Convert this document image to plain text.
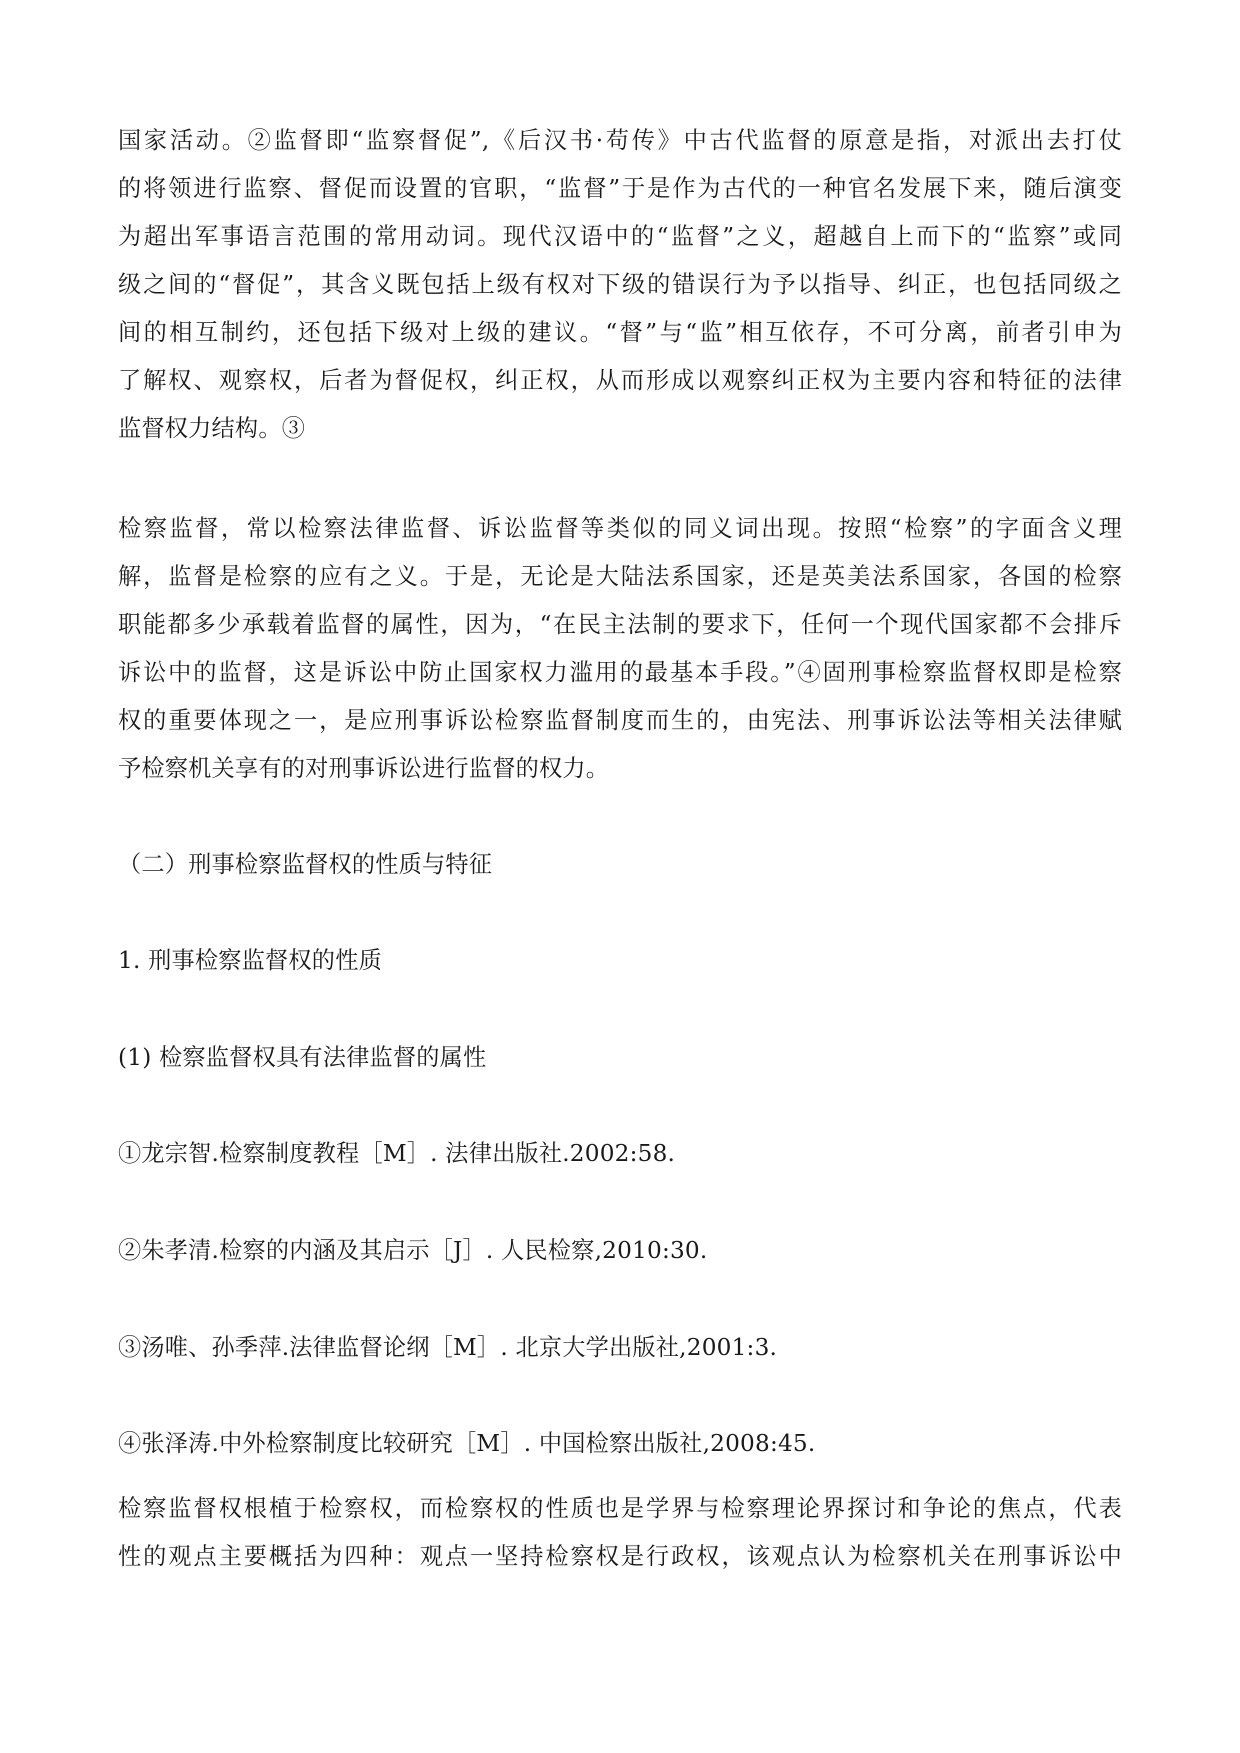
国家活动。②监督即“监察督促”,《后汉书·苟传》中古代监督的原意是指，对派出去打仗
的将领进行监察、督促而设置的官职，“监督”于是作为古代的一种官名发展下来，随后演变
为超出军事语言范围的常用动词。现代汉语中的“监督”之义，超越自上而下的“监察”或同
级之间的“督促”，其含义既包括上级有权对下级的错误行为予以指导、纠正，也包括同级之
间的相互制约，还包括下级对上级的建议。“督”与“监”相互依存，不可分离，前者引申为
了解权、观察权，后者为督促权，纠正权，从而形成以观察纠正权为主要内容和特征的法律
监督权力结构。③
检察监督，常以检察法律监督、诉讼监督等类似的同义词出现。按照“检察”的字面含义理
解，监督是检察的应有之义。于是，无论是大陆法系国家，还是英美法系国家，各国的检察
职能都多少承载着监督的属性，因为，“在民主法制的要求下，任何一个现代国家都不会排斥
诉讼中的监督，这是诉讼中防止国家权力滥用的最基本手段。”④固刑事检察监督权即是检察
权的重要体现之一，是应刑事诉讼检察监督制度而生的，由宪法、刑事诉讼法等相关法律赋
予检察机关享有的对刑事诉讼进行监督的权力。
（二）刑事检察监督权的性质与特征
1. 刑事检察监督权的性质
(1) 检察监督权具有法律监督的属性
①龙宗智.检察制度教程［M］. 法律出版社.2002:58.
②朱孝清.检察的内涵及其启示［J］. 人民检察,2010:30.
③汤唯、孙季萍.法律监督论纲［M］. 北京大学出版社,2001:3.
④张泽涛.中外检察制度比较研究［M］. 中国检察出版社,2008:45.
检察监督权根植于检察权，而检察权的性质也是学界与检察理论界探讨和争论的焦点，代表
性的观点主要概括为四种：观点一坚持检察权是行政权，该观点认为检察机关在刑事诉讼中
